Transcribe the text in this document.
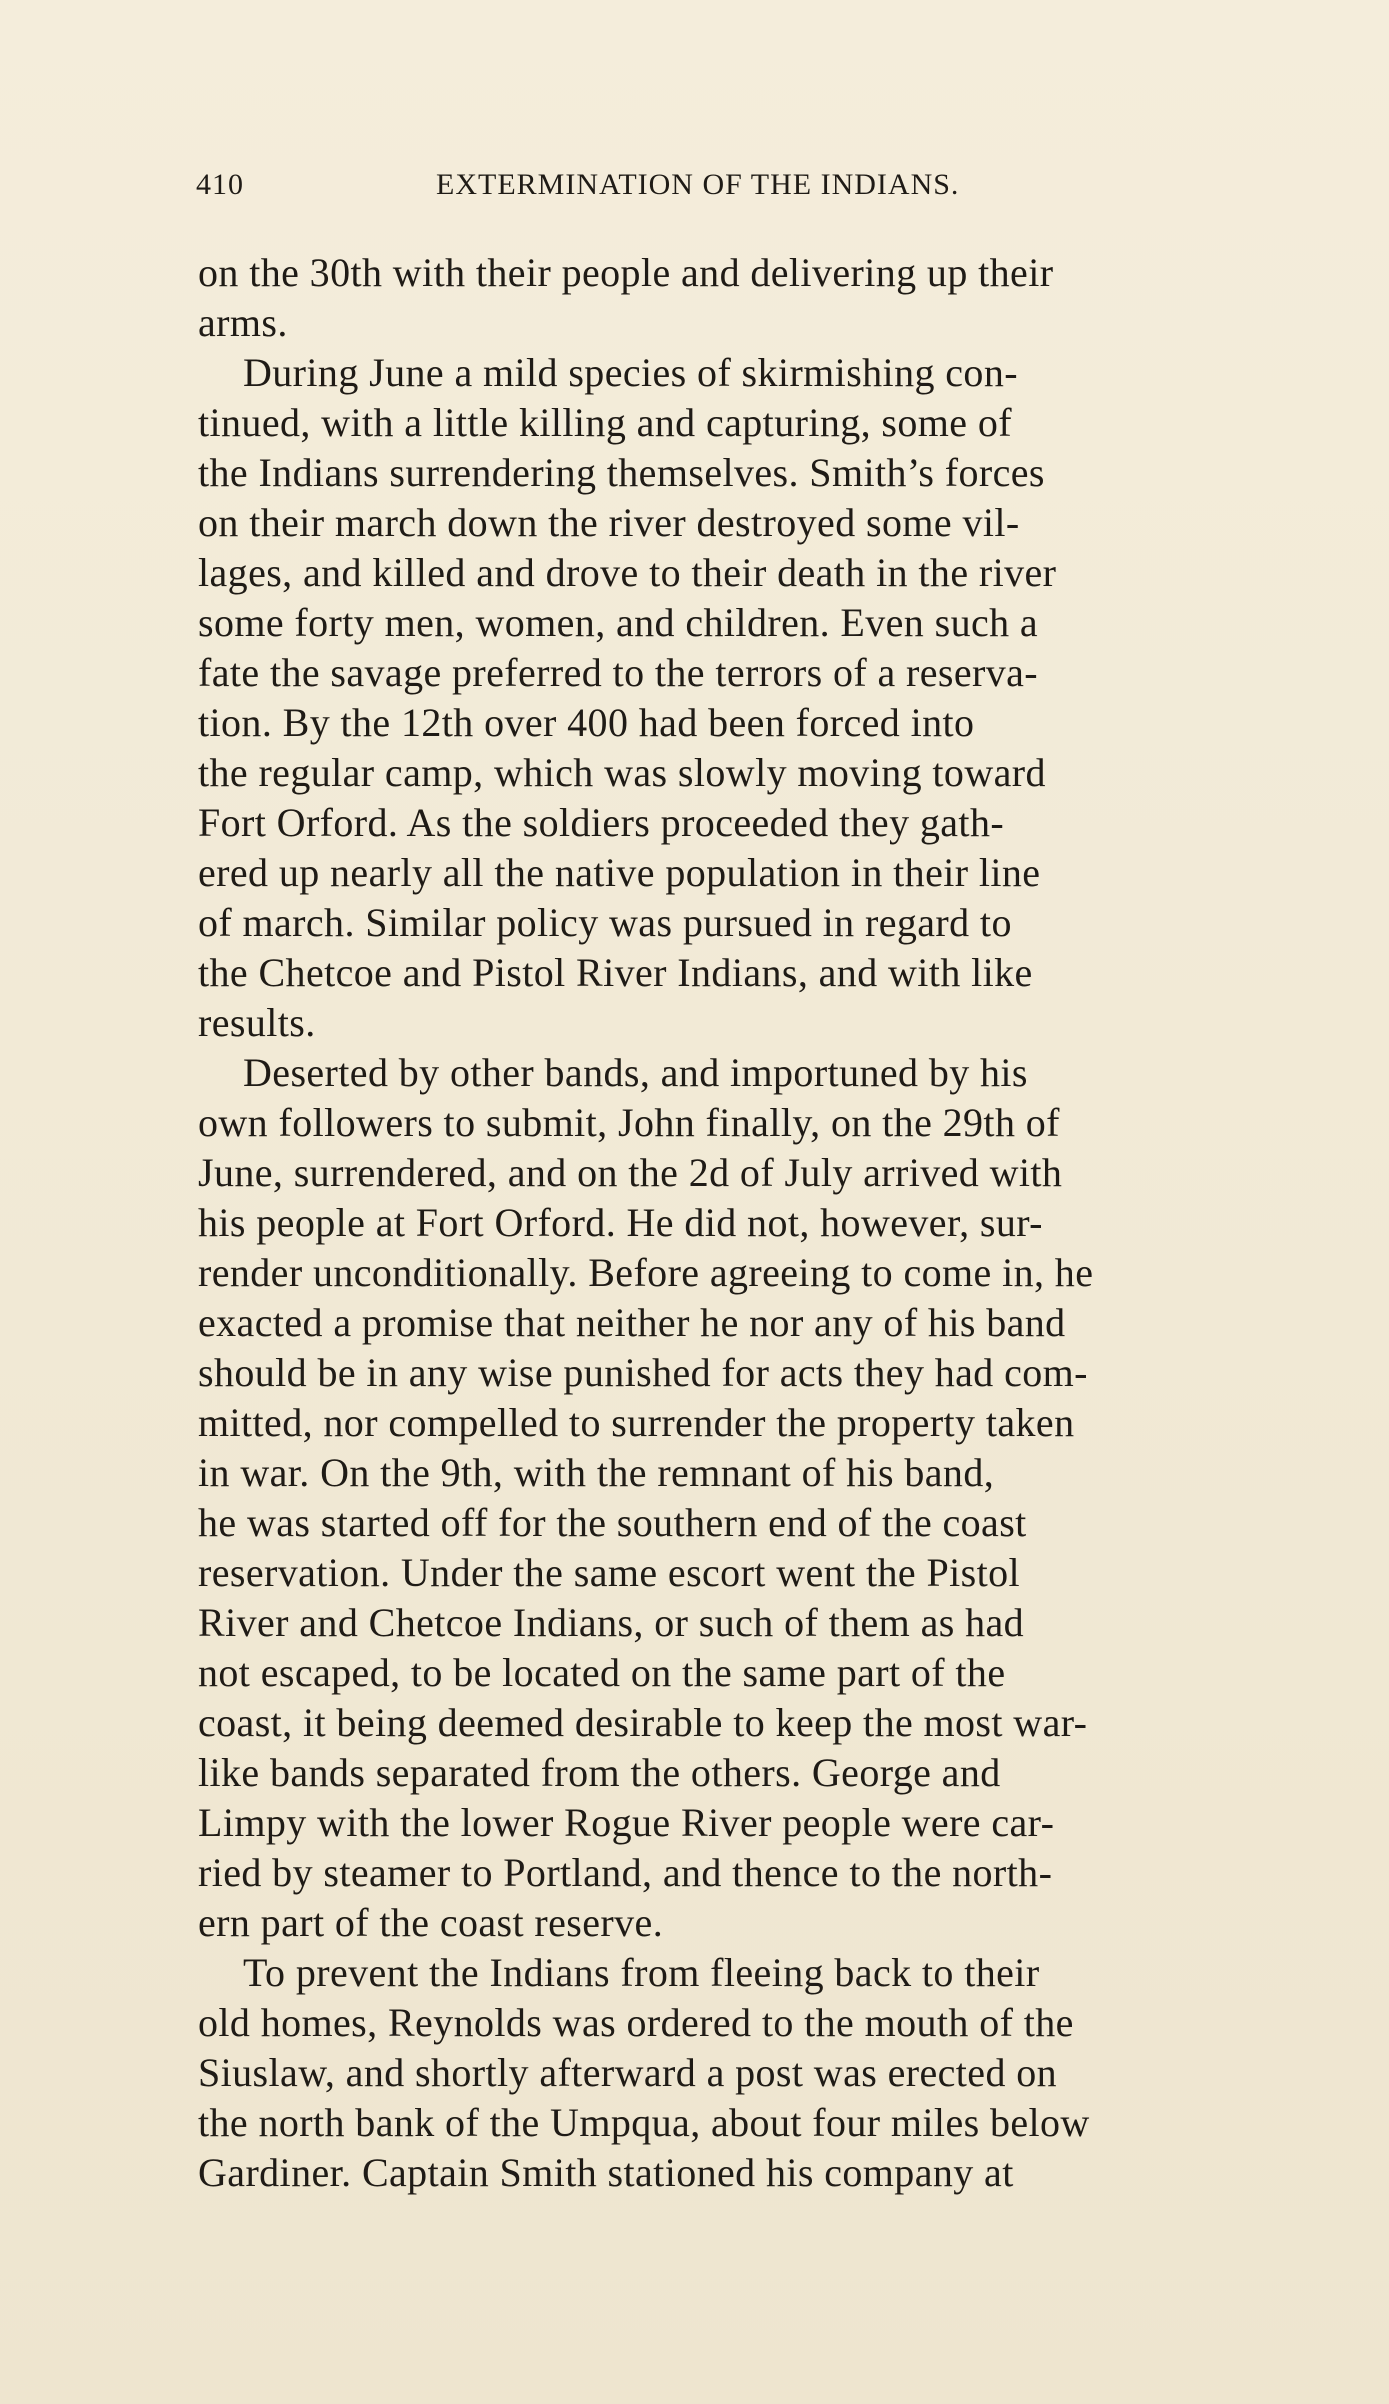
410	EXTERMINATION OF THE INDIANS.
on the 30th with their people and delivering up their
arms.
During June a mild species of skirmishing con-
tinued, with a little killing and capturing, some of
the Indians surrendering themselves. Smith’s forces
on their march down the river destroyed some vil-
lages, and killed and drove to their death in the river
some forty men, women, and children. Even such a
fate the savage preferred to the terrors of a reserva-
tion. By the 12th over 400 had been forced into
the regular camp, which was slowly moving toward
Fort Orford. As the soldiers proceeded they gath-
ered up nearly all the native population in their line
of march. Similar policy was pursued in regard to
the Chetcoe and Pistol River Indians, and with like
results.
Deserted by other bands, and importuned by his
own followers to submit, John finally, on the 29th of
June, surrendered, and on the 2d of July arrived with
his people at Fort Orford. He did not, however, sur-
render unconditionally. Before agreeing to come in, he
exacted a promise that neither he nor any of his band
should be in any wise punished for acts they had com-
mitted, nor compelled to surrender the property taken
in war. On the 9th, with the remnant of his band,
he was started off for the southern end of the coast
reservation. Under the same escort went the Pistol
River and Chetcoe Indians, or such of them as had
not escaped, to be located on the same part of the
coast, it being deemed desirable to keep the most war-
like bands separated from the others. George and
Limpy with the lower Rogue River people were car-
ried by steamer to Portland, and thence to the north-
ern part of the coast reserve.
To prevent the Indians from fleeing back to their
old homes, Reynolds was ordered to the mouth of the
Siuslaw, and shortly afterward a post was erected on
the north bank of the Umpqua, about four miles below
Gardiner. Captain Smith stationed his company at
